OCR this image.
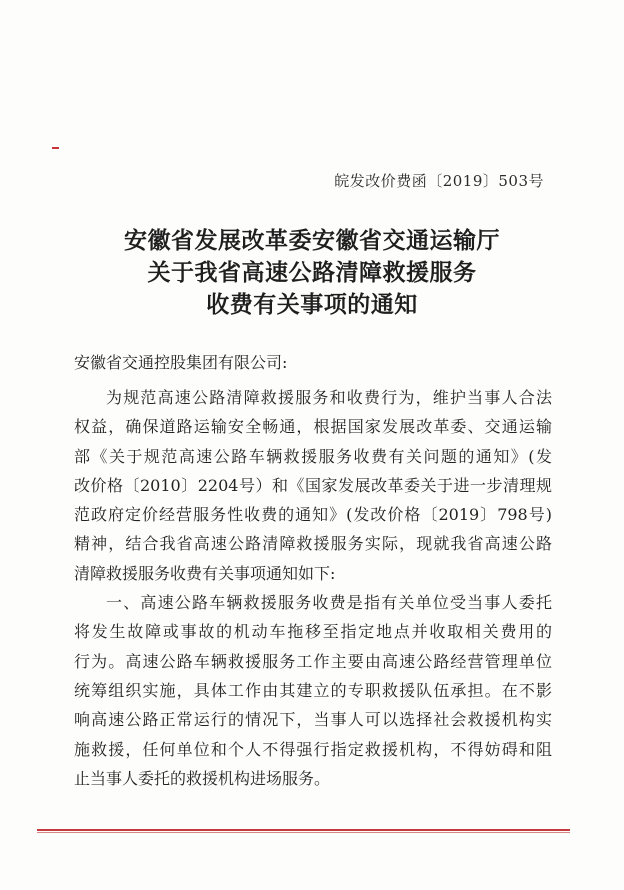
皖发改价费函〔2019〕503号
安徽省发展改革委安徽省交通运输厅
关于我省高速公路清障救援服务
收费有关事项的通知
安徽省交通控股集团有限公司:
为规范高速公路清障救援服务和收费行为，维护当事人合法
权益，确保道路运输安全畅通，根据国家发展改革委、交通运输
部《关于规范高速公路车辆救援服务收费有关问题的通知》(发
改价格〔2010〕2204号）和《国家发展改革委关于进一步清理规
范政府定价经营服务性收费的通知》(发改价格〔2019〕798号)
精神，结合我省高速公路清障救援服务实际，现就我省高速公路
清障救援服务收费有关事项通知如下:
一、高速公路车辆救援服务收费是指有关单位受当事人委托
将发生故障或事故的机动车拖移至指定地点并收取相关费用的
行为。高速公路车辆救援服务工作主要由高速公路经营管理单位
统筹组织实施，具体工作由其建立的专职救援队伍承担。在不影
响高速公路正常运行的情况下，当事人可以选择社会救援机构实
施救援，任何单位和个人不得强行指定救援机构，不得妨碍和阻
止当事人委托的救援机构进场服务。
